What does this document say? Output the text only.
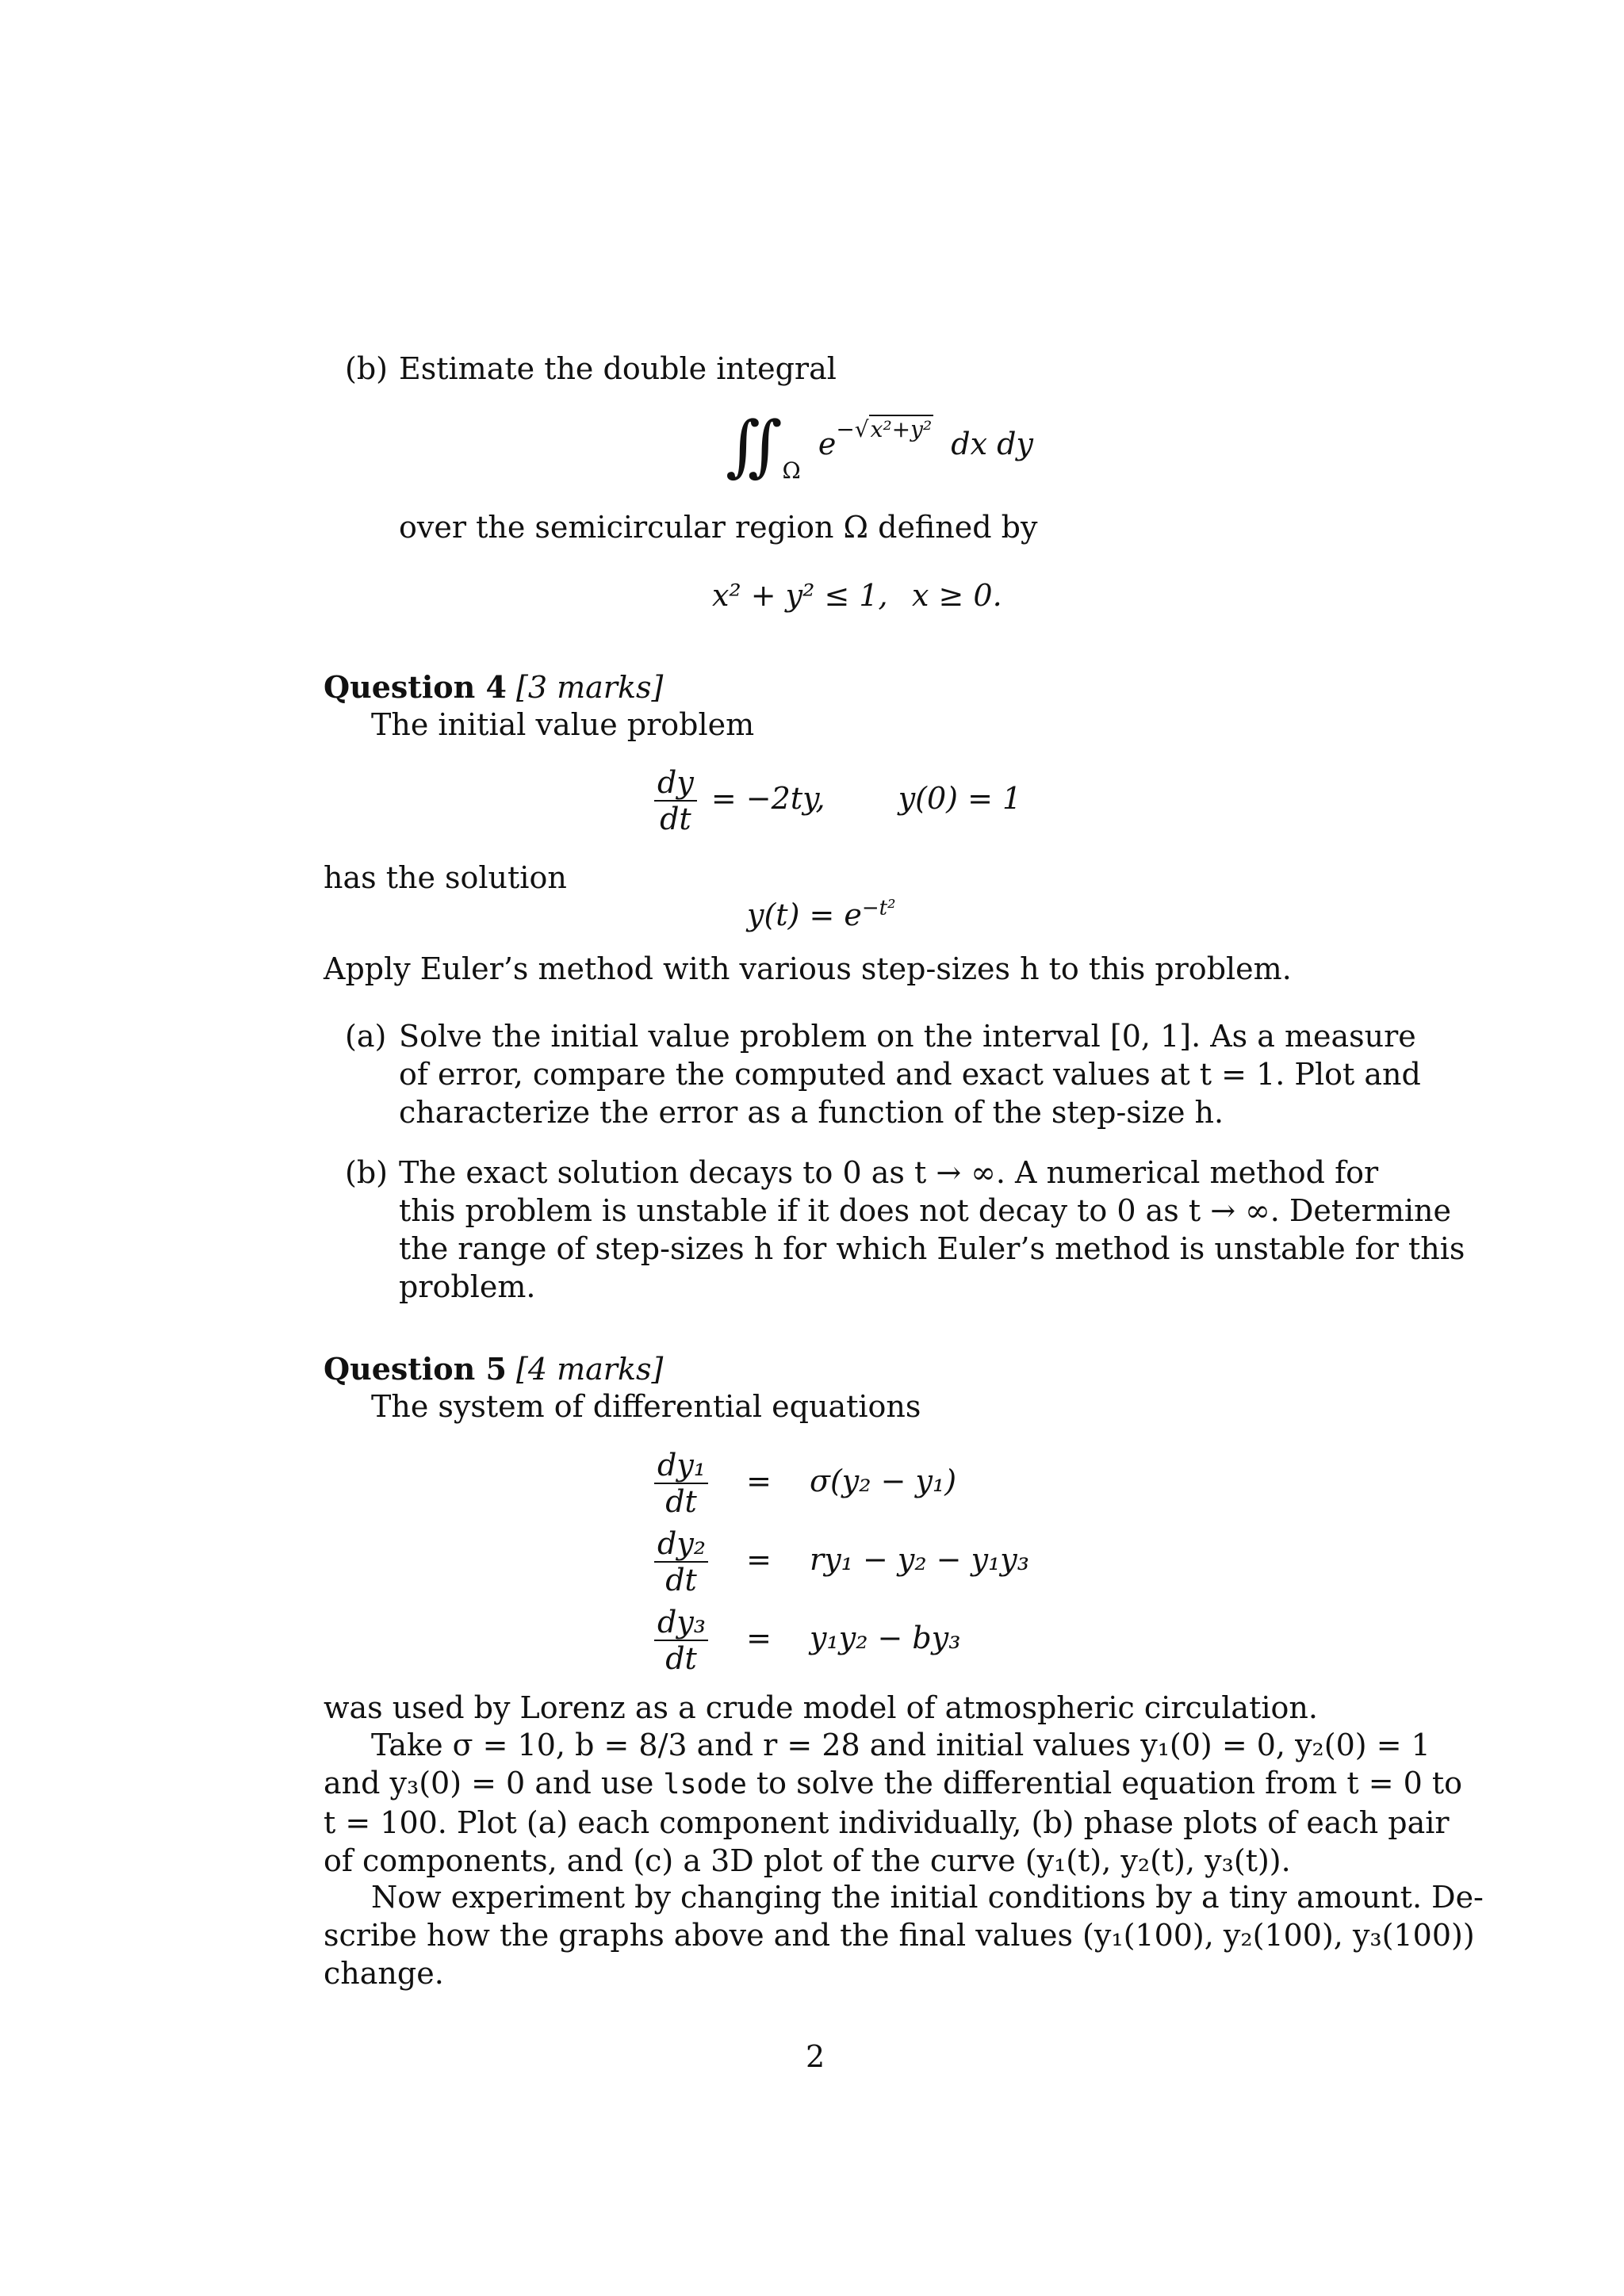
(b) Estimate the double integral
$∬_\Omega$ $e^{-√x^2+y^2}$ dx dy
over the semicircular region Ω defined by
x² + y² ≤ 1, x ≥ 0.
Question 4 [3 marks]
The initial value problem
$\frac{dy}{dt} = -2ty$, y(0) = 1
has the solution
$y(t) = e^{-t^2}$
Apply Euler’s method with various step-sizes h to this problem.
(a) Solve the initial value problem on the interval [0, 1]. As a measure
of error, compare the computed and exact values at t = 1. Plot and
characterize the error as a function of the step-size h.
(b) The exact solution decays to 0 as t → ∞. A numerical method for
this problem is unstable if it does not decay to 0 as t → ∞. Determine
the range of step-sizes h for which Euler’s method is unstable for this
problem.
Question 5 [4 marks]
The system of differential equations
$\frac{\text{dy₁}}{dt} = \sigma(y_2 - y_1)$
$\frac{\text{dy₂}}{dt} = ry_1 - y_2 - y_1y_3$
$\frac{\text{dy₃}}{dt} = y_1y_2 - by_3$
was used by Lorenz as a crude model of atmospheric circulation.
Take σ = 10, b = 8/3 and r = 28 and initial values y₁(0) = 0, y₂(0) = 1
and y₃(0) = 0 and use lsode to solve the differential equation from t = 0 to
t = 100. Plot (a) each component individually, (b) phase plots of each pair
of components, and (c) a 3D plot of the curve (y₁(t), y₂(t), y₃(t)).
Now experiment by changing the initial conditions by a tiny amount. De-
scribe how the graphs above and the final values (y₁(100), y₂(100), y₃(100))
change.
2
